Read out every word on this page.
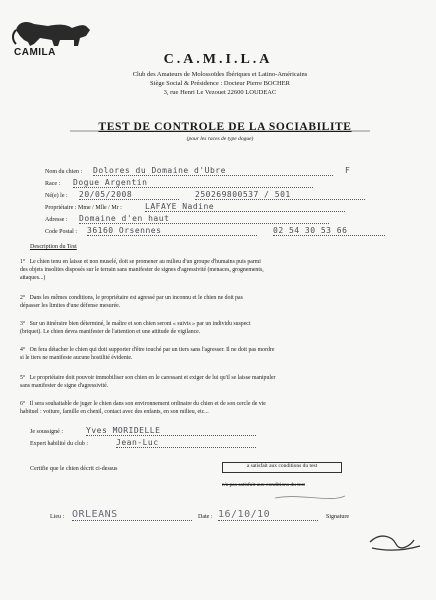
CAMILA	C.A.M.I.L.A
Club des Amateurs de Molossoïdes Ibériques et Latino-Américains
Siège Social & Présidence : Docteur Pierre BOCHER
3, rue Henri Le Vezouet 22600 LOUDEAC
TEST DE CONTROLE DE LA SOCIABILITE
(pour les races de type dogue)
Nom du chien : Dolores du Domaine d'Ubre	F
Race : Dogue Argentin
Né(e) le : 20/05/2008	250269800537 / 501
Propriétaire : Mme / Mlle / Mr :	LAFAYE Nadine
Adresse : Domaine d'en haut
Code Postal : 36160 Orsennes	02 54 30 53 66
Description du Test
1° Le chien tenu en laisse et non muselé, doit se promener au milieu d'un groupe d'humains puis parmi
des objets insolites disposés sur le terrain sans manifester de signes d'agressivité (menaces, grognements,
attaques...)
2° Dans les mêmes conditions, le propriétaire est agressé par un inconnu et le chien ne doit pas
dépasser les limites d'une défense mesurée.
3° Sur un itinéraire bien déterminé, le maître et son chien seront « suivis » par un individu suspect
(briquet). Le chien devra manifester de l'attention et une attitude de vigilance.
4° On fera détacher le chien qui doit supporter d'être touché par un tiers sans l'agresser. Il ne doit pas mordre
si le tiers ne manifeste aucune hostilité évidente.
5° Le propriétaire doit pouvoir immobiliser son chien en le caressant et exiger de lui qu'il se laisse manipuler
sans manifester de signe d'agressivité.
6° Il sera souhaitable de juger le chien dans son environnement ordinaire du chien et de son cercle de vie
habituel : voiture, famille en chenil, contact avec des enfants, en son milieu, etc...
Je soussigné :	Yves MORIDELLE
Expert habilité du club :	Jean-Luc
Certifie que le chien décrit ci-dessus	a satisfait aux conditions du test
n'a pas satisfait aux conditions du test
Lieu : ORLEANS	Date : 16/10/10	Signature
